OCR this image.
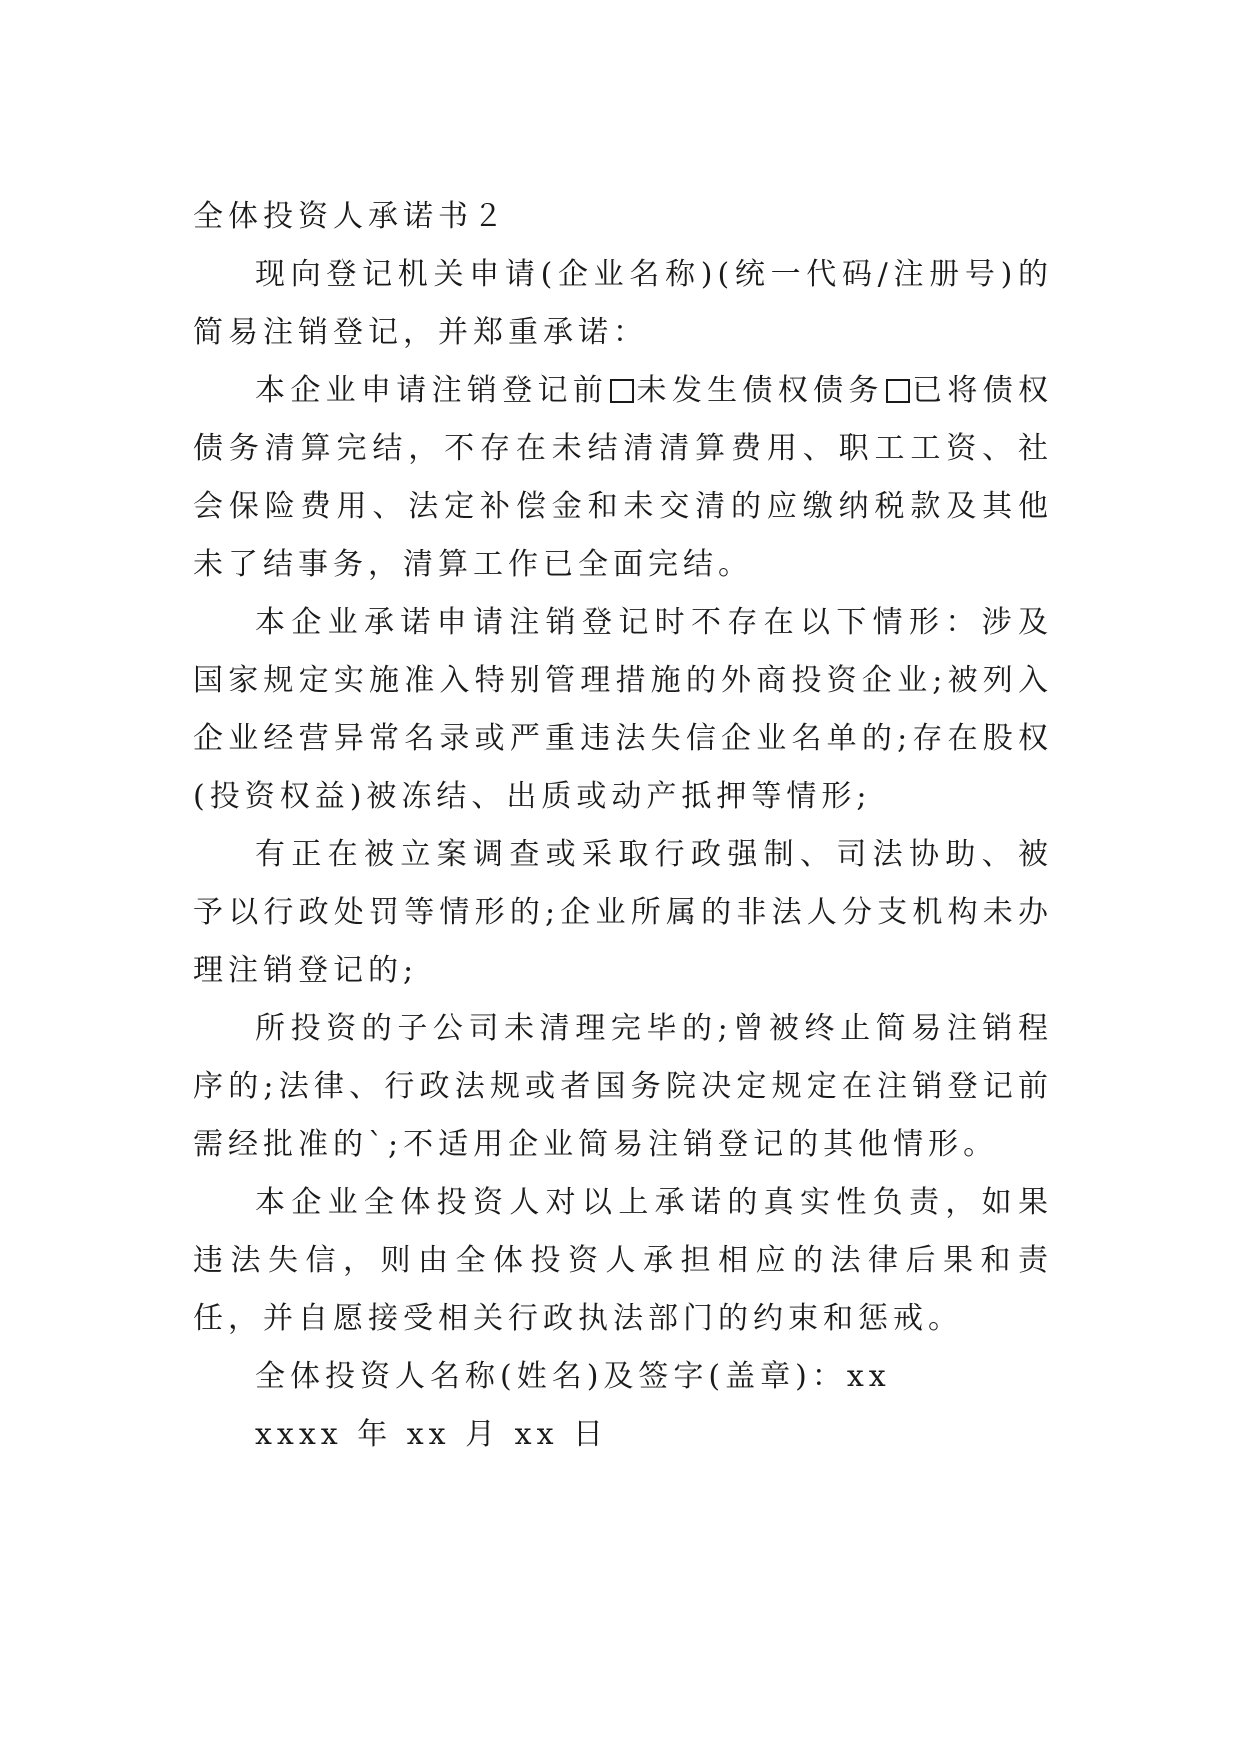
全体投资人承诺书２

现向登记机关申请(企业名称)(统一代码/注册号)的简易注销登记，并郑重承诺：

本企业申请注销登记前 未发生债权债务 已将债权债务清算完结，不存在未结清清算费用、职工工资、社会保险费用、法定补偿金和未交清的应缴纳税款及其他未了结事务，清算工作已全面完结。

本企业承诺申请注销登记时不存在以下情形：涉及国家规定实施准入特别管理措施的外商投资企业;被列入企业经营异常名录或严重违法失信企业名单的;存在股权(投资权益)被冻结、出质或动产抵押等情形;

有正在被立案调查或采取行政强制、司法协助、被予以行政处罚等情形的;企业所属的非法人分支机构未办理注销登记的;

所投资的子公司未清理完毕的;曾被终止简易注销程序的;法律、行政法规或者国务院决定规定在注销登记前需经批准的`;不适用企业简易注销登记的其他情形。

本企业全体投资人对以上承诺的真实性负责，如果违法失信，则由全体投资人承担相应的法律后果和责任，并自愿接受相关行政执法部门的约束和惩戒。

全体投资人名称(姓名)及签字(盖章)：xx

xxxx 年 xx 月 xx 日
